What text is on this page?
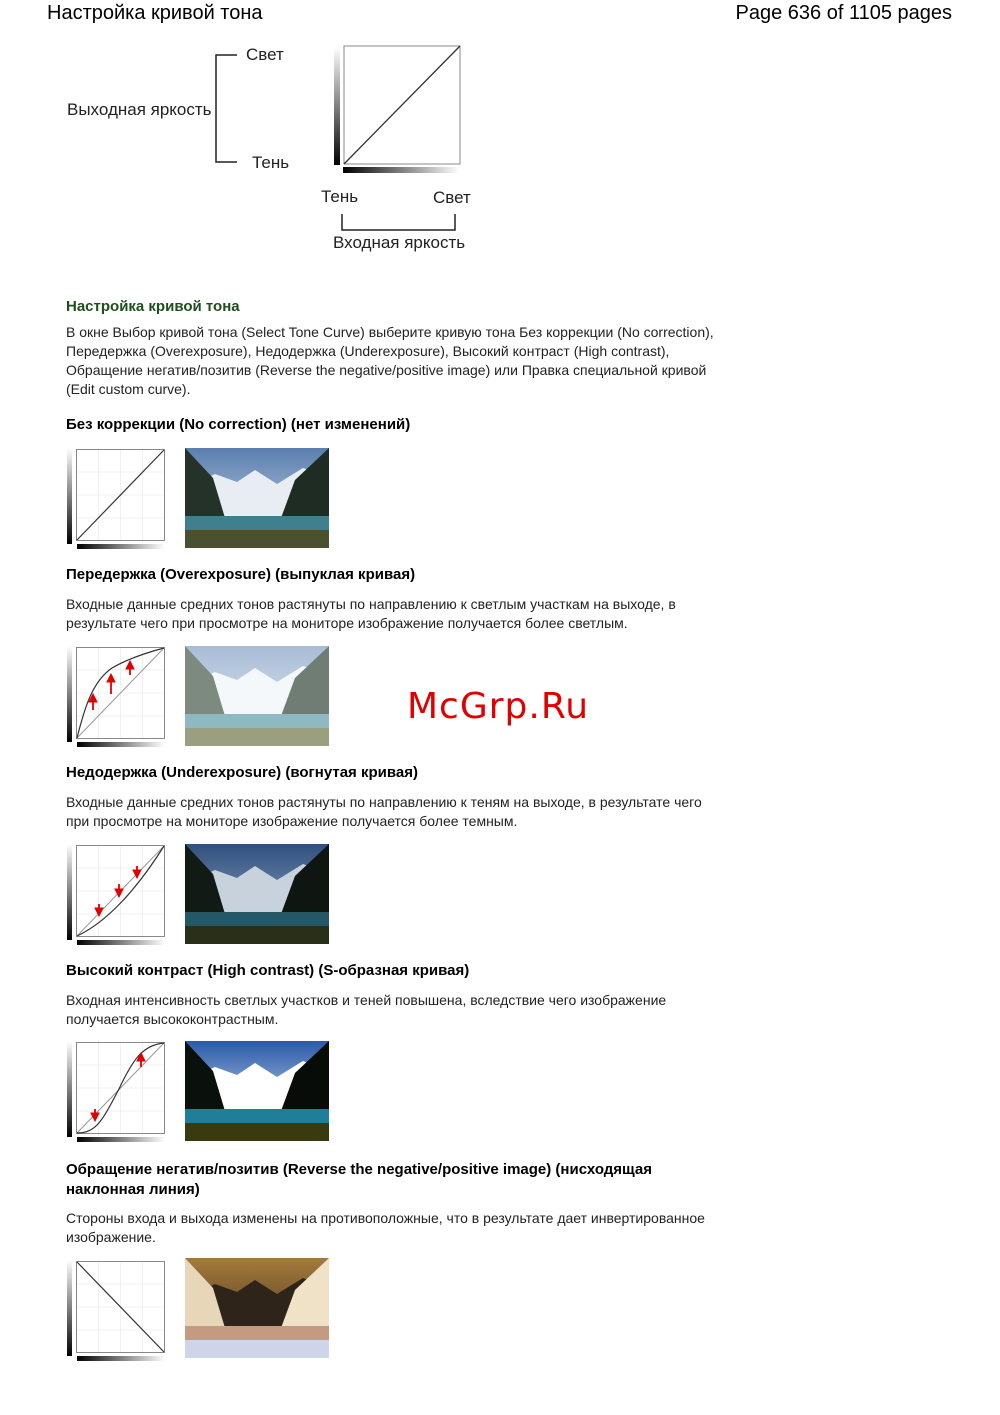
Настройка кривой тона	Page 636 of 1105 pages
Свет
Выходная яркость
Тень
Тень	Свет
Входная яркость
Настройка кривой тона
В окне Выбор кривой тона (Select Tone Curve) выберите кривую тона Без коррекции (No correction),
Передержка (Overexposure), Недодержка (Underexposure), Высокий контраст (High contrast),
Обращение негатив/позитив (Reverse the negative/positive image) или Правка специальной кривой
(Edit custom curve).
Без коррекции (No correction) (нет изменений)
Передержка (Overexposure) (выпуклая кривая)
Входные данные средних тонов растянуты по направлению к светлым участкам на выходе, в
результате чего при просмотре на мониторе изображение получается более светлым.
McGrp.Ru
Недодержка (Underexposure) (вогнутая кривая)
Входные данные средних тонов растянуты по направлению к теням на выходе, в результате чего
при просмотре на мониторе изображение получается более темным.
Высокий контраст (High contrast) (S-образная кривая)
Входная интенсивность светлых участков и теней повышена, вследствие чего изображение
получается высококонтрастным.
Обращение негатив/позитив (Reverse the negative/positive image) (нисходящая
наклонная линия)
Стороны входа и выхода изменены на противоположные, что в результате дает инвертированное
изображение.
